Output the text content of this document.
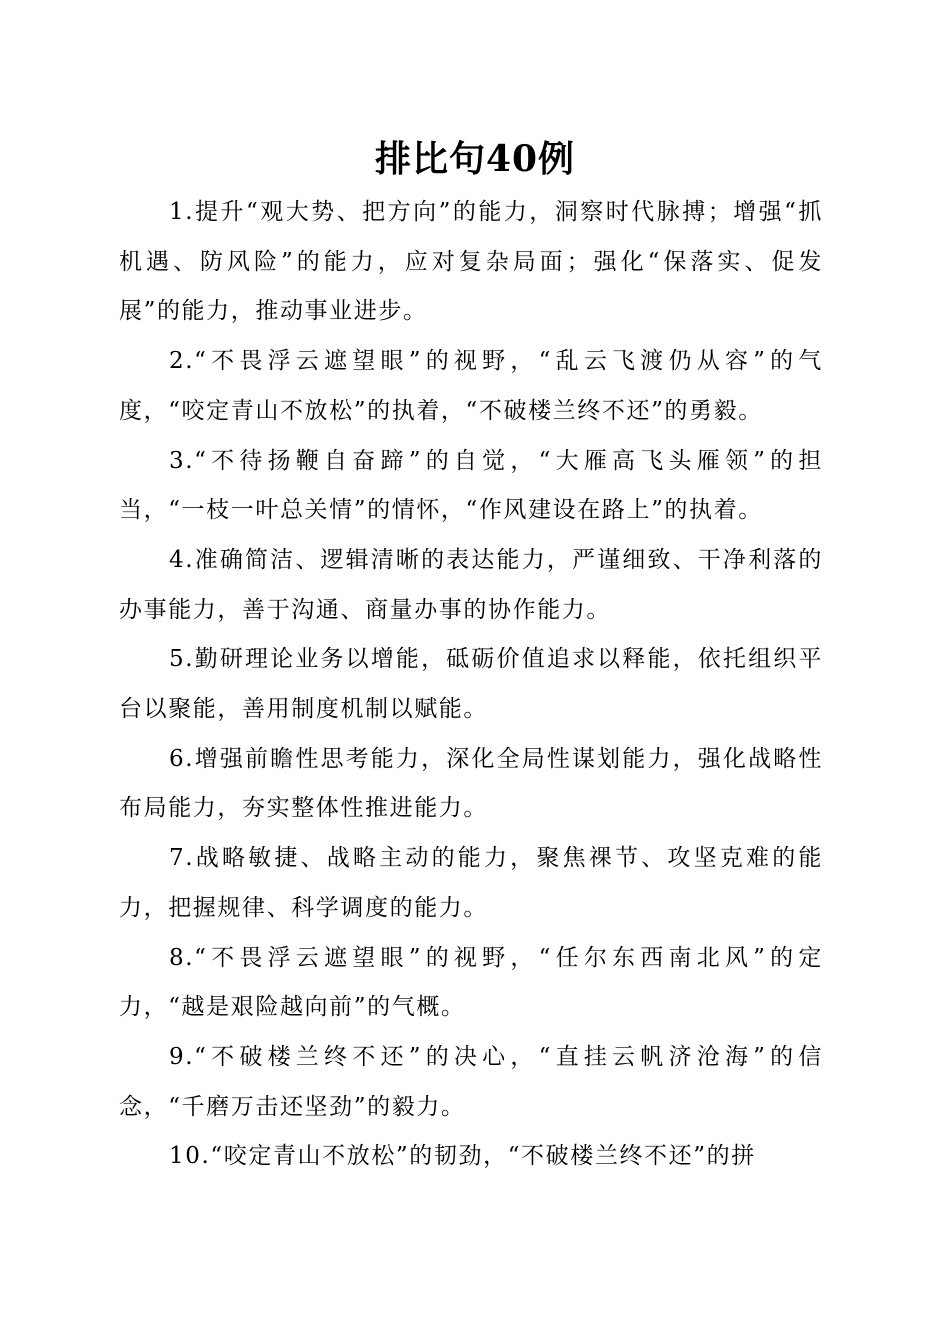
排比句40例

1.提升“观大势、把方向”的能力，洞察时代脉搏；增强“抓机遇、防风险”的能力，应对复杂局面；强化“保落实、促发展”的能力，推动事业进步。

2.“不畏浮云遮望眼”的视野，“乱云飞渡仍从容”的气度，“咬定青山不放松”的执着，“不破楼兰终不还”的勇毅。

3.“不待扬鞭自奋蹄”的自觉，“大雁高飞头雁领”的担当，“一枝一叶总关情”的情怀，“作风建设在路上”的执着。

4.准确简洁、逻辑清晰的表达能力，严谨细致、干净利落的办事能力，善于沟通、商量办事的协作能力。

5.勤研理论业务以增能，砥砺价值追求以释能，依托组织平台以聚能，善用制度机制以赋能。

6.增强前瞻性思考能力，深化全局性谋划能力，强化战略性布局能力，夯实整体性推进能力。

7.战略敏捷、战略主动的能力，聚焦祼节、攻坚克难的能力，把握规律、科学调度的能力。

8.“不畏浮云遮望眼”的视野，“任尔东西南北风”的定力，“越是艰险越向前”的气概。

9.“不破楼兰终不还”的决心，“直挂云帆济沧海”的信念，“千磨万击还坚劲”的毅力。

10.“咬定青山不放松”的韧劲，“不破楼兰终不还”的拼
